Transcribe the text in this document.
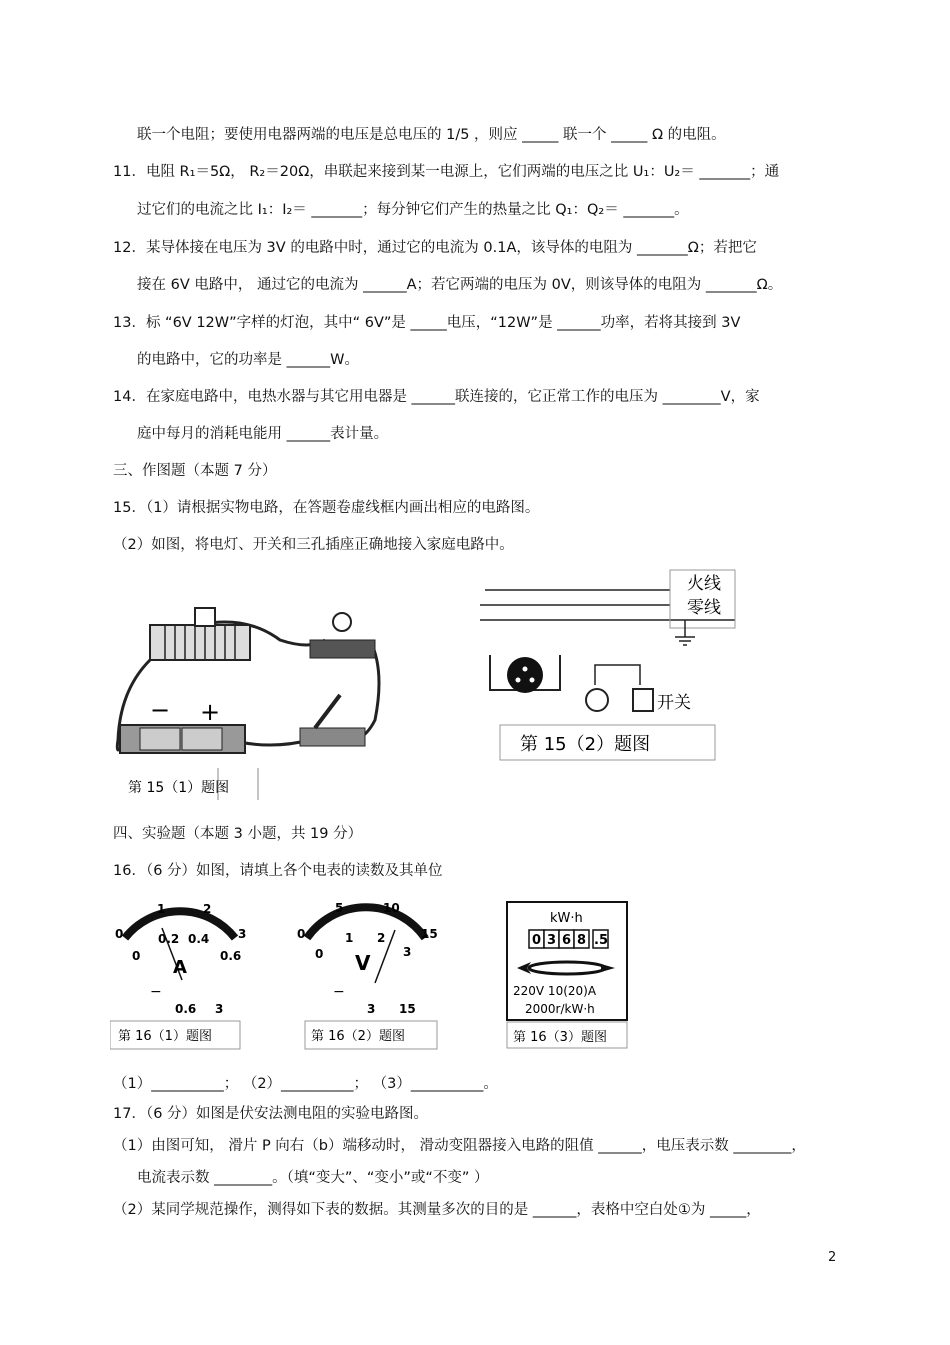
联一个电阻；要使用电器两端的电压是总电压的 1/5 ，则应 _____ 联一个 _____ Ω 的电阻。
11．电阻 R₁＝5Ω， R₂＝20Ω，串联起来接到某一电源上，它们两端的电压之比 U₁：U₂＝ _______；通
过它们的电流之比 I₁：I₂＝ _______；每分钟它们产生的热量之比 Q₁：Q₂＝ _______。
12．某导体接在电压为 3V 的电路中时，通过它的电流为 0.1A，该导体的电阻为 _______Ω；若把它
接在 6V 电路中， 通过它的电流为 ______A；若它两端的电压为 0V，则该导体的电阻为 _______Ω。
13．标 “6V 12W”字样的灯泡，其中“ 6V”是 _____电压，“12W”是 ______功率，若将其接到 3V
的电路中，它的功率是 ______W。
14．在家庭电路中，电热水器与其它用电器是 ______联连接的，它正常工作的电压为 ________V，家
庭中每月的消耗电能用 ______表计量。
三、作图题（本题 7 分）
15．（1）请根据实物电路，在答题卷虚线框内画出相应的电路图。
（2）如图，将电灯、开关和三孔插座正确地接入家庭电路中。
− +
第 15（1）题图
火线
零线
开关
第 15（2）题图
四、实验题（本题 3 小题，共 19 分）
16．（6 分）如图，请填上各个电表的读数及其单位
0
1	2
3
0
0.2 0.4
0.6
A
−
0.6 3
第 16（1）题图
0
5	10
15
0
1 2
3
V
−
3 15
第 16（2）题图
kW·h
0 3 6 8 .5
220V 10(20)A
2000r/kW·h
第 16（3）题图
（1）__________； （2）__________； （3）__________。
17．（6 分）如图是伏安法测电阻的实验电路图。
（1）由图可知， 滑片 P 向右（b）端移动时， 滑动变阻器接入电路的阻值 ______，电压表示数 ________，
电流表示数 ________。（填“变大”、“变小”或“不变” ）
（2）某同学规范操作，测得如下表的数据。其测量多次的目的是 ______，表格中空白处①为 _____，
2
